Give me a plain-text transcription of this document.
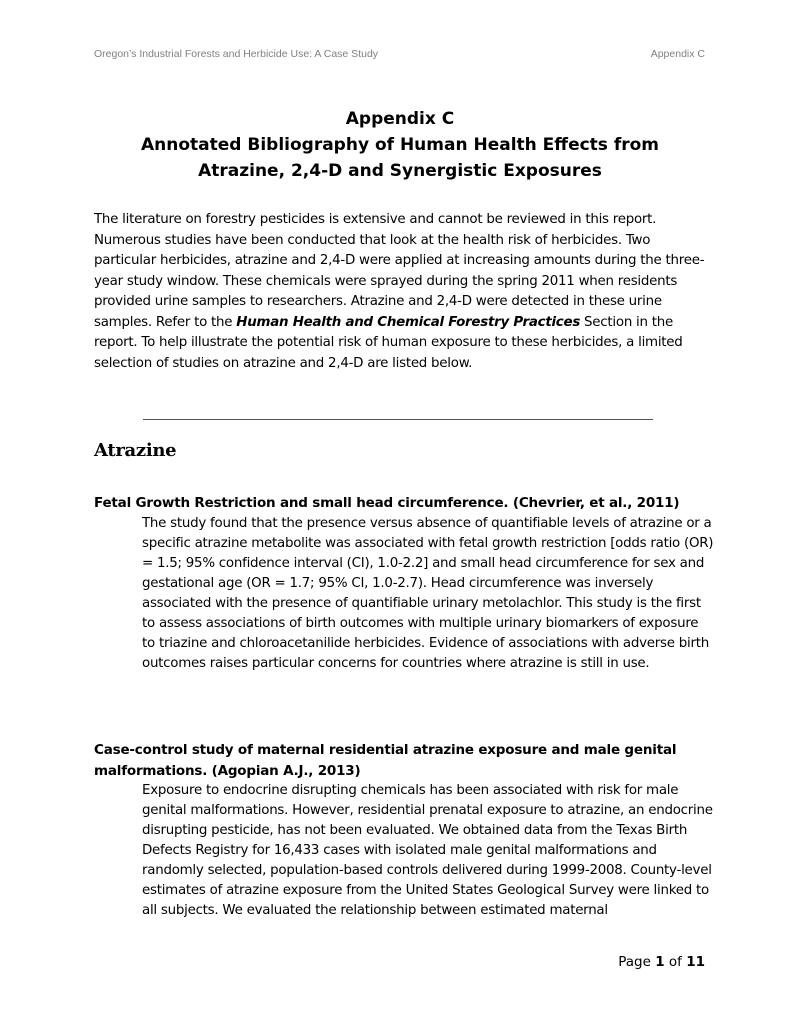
Oregon’s Industrial Forests and Herbicide Use: A Case Study	Appendix C
Appendix C
Annotated Bibliography of Human Health Effects from
Atrazine, 2,4-D and Synergistic Exposures
The literature on forestry pesticides is extensive and cannot be reviewed in this report. Numerous studies have been conducted that look at the health risk of herbicides. Two particular herbicides, atrazine and 2,4-D were applied at increasing amounts during the three-year study window. These chemicals were sprayed during the spring 2011 when residents provided urine samples to researchers. Atrazine and 2,4-D were detected in these urine samples. Refer to the Human Health and Chemical Forestry Practices Section in the report. To help illustrate the potential risk of human exposure to these herbicides, a limited selection of studies on atrazine and 2,4-D are listed below.
Atrazine
Fetal Growth Restriction and small head circumference. (Chevrier, et al., 2011)
The study found that the presence versus absence of quantifiable levels of atrazine or a specific atrazine metabolite was associated with fetal growth restriction [odds ratio (OR) = 1.5; 95% confidence interval (CI), 1.0-2.2] and small head circumference for sex and gestational age (OR = 1.7; 95% CI, 1.0-2.7). Head circumference was inversely associated with the presence of quantifiable urinary metolachlor. This study is the first to assess associations of birth outcomes with multiple urinary biomarkers of exposure to triazine and chloroacetanilide herbicides. Evidence of associations with adverse birth outcomes raises particular concerns for countries where atrazine is still in use.
Case-control study of maternal residential atrazine exposure and male genital malformations. (Agopian A.J., 2013)
Exposure to endocrine disrupting chemicals has been associated with risk for male genital malformations. However, residential prenatal exposure to atrazine, an endocrine disrupting pesticide, has not been evaluated. We obtained data from the Texas Birth Defects Registry for 16,433 cases with isolated male genital malformations and randomly selected, population-based controls delivered during 1999-2008. County-level estimates of atrazine exposure from the United States Geological Survey were linked to all subjects. We evaluated the relationship between estimated maternal
Page 1 of 11
